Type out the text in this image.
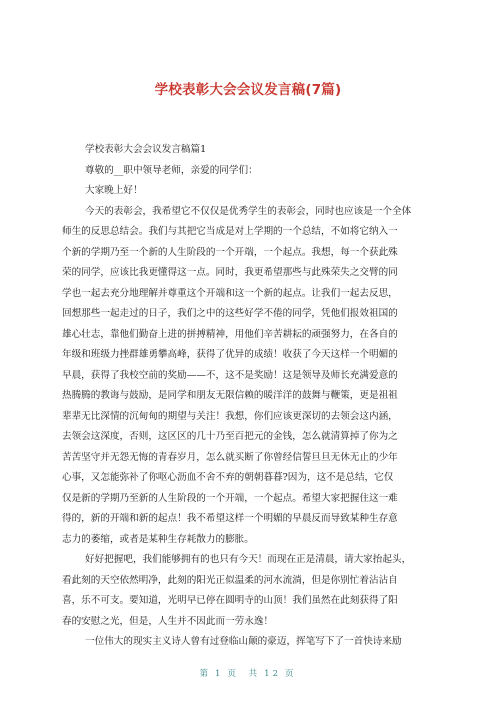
学校表彰大会会议发言稿(7篇)
学校表彰大会会议发言稿篇1
尊敬的__职中领导老师，亲爱的同学们：
大家晚上好！
今天的表彰会，我希望它不仅仅是优秀学生的表彰会，同时也应该是一个全体
师生的反思总结会。我们与其把它当成是对上学期的一个总结，不如将它纳入一
个新的学期乃至一个新的人生阶段的一个开端，一个起点。我想，每一个获此殊
荣的同学，应该比我更懂得这一点。同时，我更希望那些与此殊荣失之交臂的同
学也一起去充分地理解并尊重这个开端和这一个新的起点。让我们一起去反思，
回想那些一起走过的日子，我们之中的这些好学不倦的同学，凭他们报效祖国的
雄心壮志，靠他们勤奋上进的拼搏精神，用他们辛苦耕耘的顽强努力，在各自的
年级和班级力挫群雄勇攀高峰，获得了优异的成绩！收获了今天这样一个明媚的
早晨，获得了我校空前的奖励——不，这不是奖励！这是领导及师长充满爱意的
热腾腾的教诲与鼓励，是同学和朋友无限信赖的暖洋洋的鼓舞与鞭策，更是祖祖
辈辈无比深情的沉甸甸的期望与关注！我想，你们应该更深切的去领会这内涵，
去领会这深度，否则，这区区的几十乃至百把元的金钱，怎么就清算掉了你为之
苦苦坚守并无怨无悔的青春岁月，怎么就买断了你曾经信誓旦旦无休无止的少年
心事，又怎能弥补了你呕心沥血不舍不弃的朝朝暮暮?因为，这不是总结，它仅
仅是新的学期乃至新的人生阶段的一个开端，一个起点。希望大家把握住这一难
得的，新的开端和新的起点！我不希望这样一个明媚的早晨反而导致某种生存意
志力的萎缩，或者是某种生存耗散力的膨胀。
好好把握吧，我们能够拥有的也只有今天！而现在正是清晨，请大家抬起头，
看此刻的天空依然明净，此刻的阳光正似温柔的河水流淌，但是你别忙着沾沾自
喜，乐不可支。要知道，光明早已停在圆明寺的山顶！我们虽然在此刻获得了阳
春的安慰之光，但是，人生并不因此而一劳永逸！
一位伟大的现实主义诗人曾有过登临山颠的豪迈，挥笔写下了一首快诗来励
第 1 页 共 12 页
